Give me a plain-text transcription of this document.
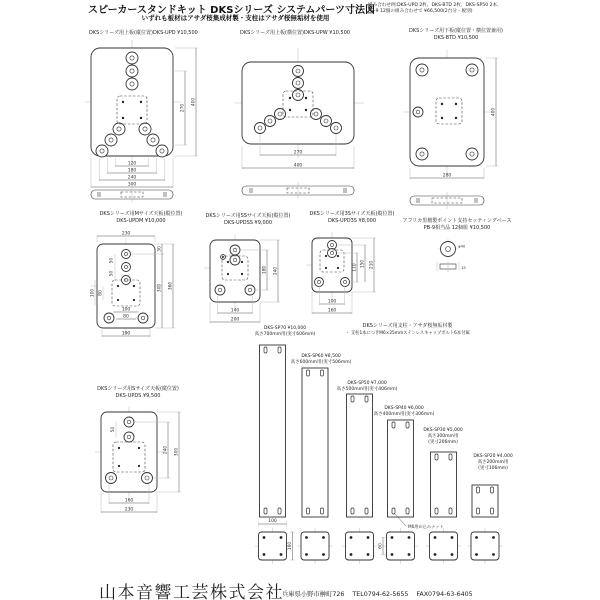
スピーカースタンドキット DKSシリーズ システムパーツ寸法図
いずれも板材はアサダ桜集成材製・支柱はアサダ桜無垢材を使用
組み合わせ例:DKS-UPD 2枚、DKS-BTD 2枚、DKS-SP50 2本、
PB-9 12個の組み合わせで ¥66,500(2台分・税別)
DKSシリーズ用上板(縦位置)DKS-UPD ¥10,500	DKSシリーズ用上板(横位置)DKS-UPW ¥10,500	DKSシリーズ用下板(縦位置・横位置兼用)
DKS-BTD ¥10,500
120
180
240
300
270
400
270
400
280
400
DKSシリーズ用Mサイズ天板(縦位置)
DKS-UPDM ¥10,000
DKSシリーズ用SSサイズ天板(縦位置)
DKS-UPDSS ¥9,000
DKSシリーズ用3Sサイズ天板(縦位置)
DKS-UPD3S ¥8,000	アフリカ黒檀製ポイント支持セッティングベース
PB-9相当品 12個組 ¥10,500
230
30
300 360
50
50
100 80
100
80
190
180 240
140
200
110 150 210
100
160
φ40
15
DKSシリーズ用Sサイズ天板(縦位置)
DKS-UPDS ¥9,500
50
240 300
160
230
DKSシリーズ用支柱・アサダ桜無垢材製
・ 支柱1本につきM6×25mmステンレスキャップボルト6本付属
DKS-SP70 ¥10,000
高さ700mm用(実寸606mm)
DKS-SP60 ¥8,500
高さ600mm用(実寸506mm)
DKS-SP50 ¥7,000
高さ500mm用(実寸406mm)
DKS-SP40 ¥6,000
高さ400mm用(実寸306mm)
DKS-SP30 ¥5,000
高さ300mm用
(実寸206mm)
DKS-SP20 ¥4,000
高さ200mm用
(実寸106mm)
100
100	60
M6埋め込みナット
山本音響工芸株式会社
兵庫県小野市榊町726 TEL0794-62-5655 FAX0794-63-6405
